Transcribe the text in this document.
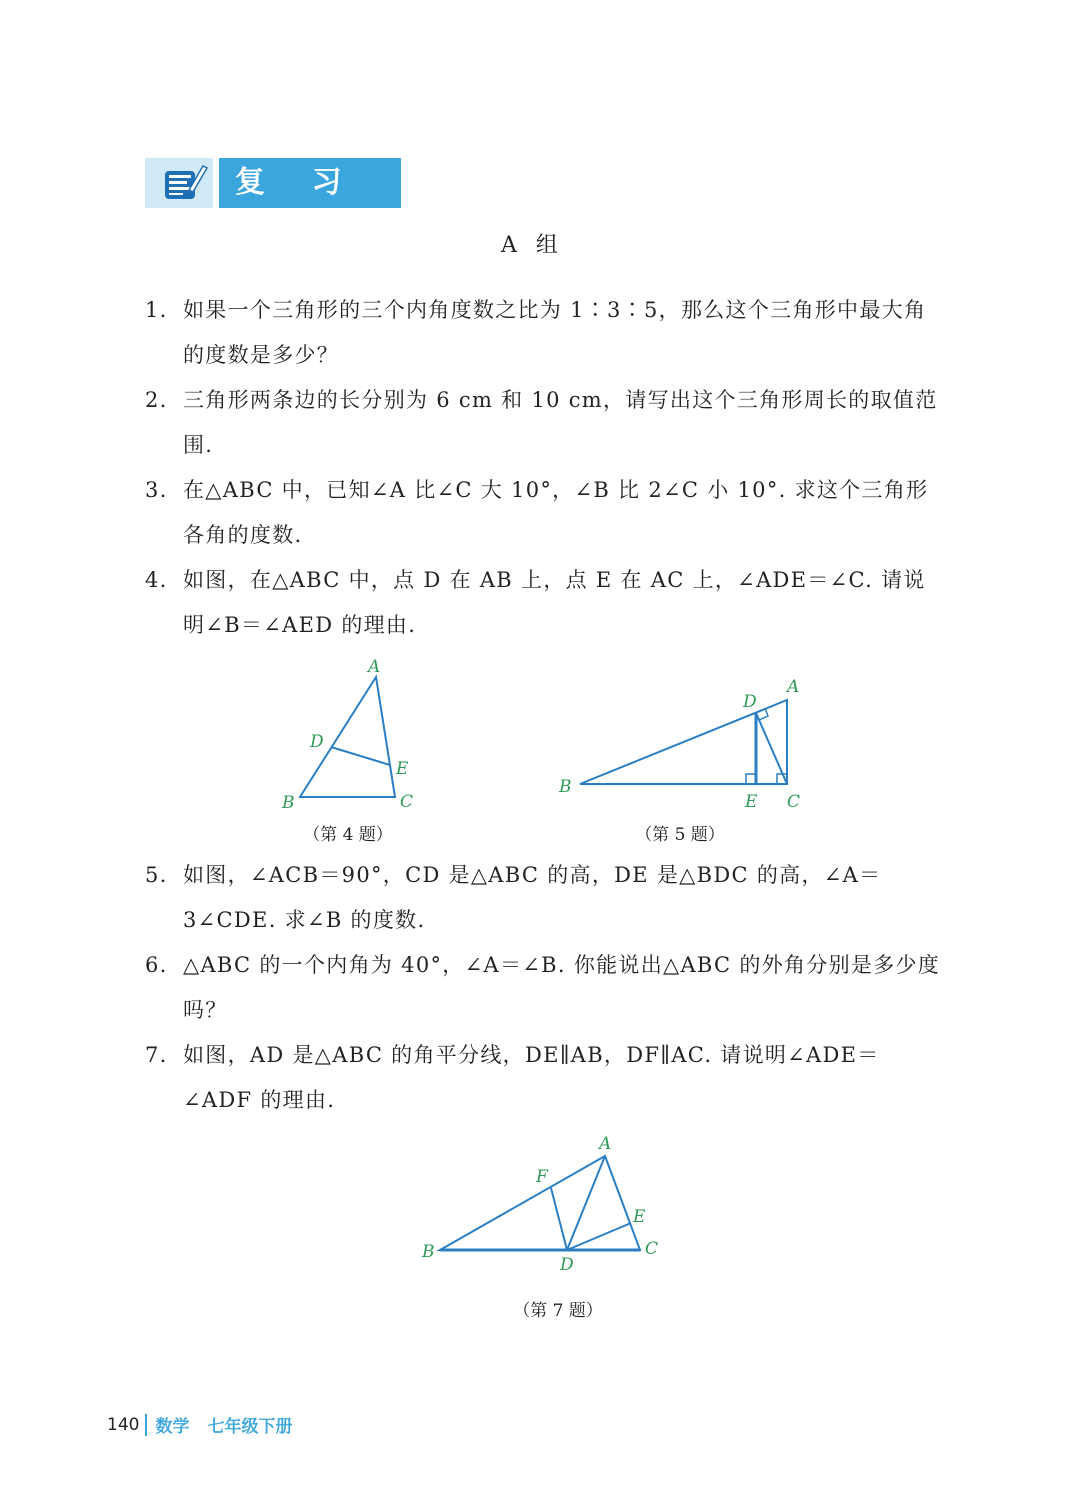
复 习 题	A 组
1. 如果一个三角形的三个内角度数之比为 1∶3∶5，那么这个三角形中最大角的度数是多少？
2. 三角形两条边的长分别为 6 cm 和 10 cm，请写出这个三角形周长的取值范围.
3. 在△ABC 中，已知∠A 比∠C 大 10°，∠B 比 2∠C 小 10°. 求这个三角形各角的度数.
4. 如图，在△ABC 中，点 D 在 AB 上，点 E 在 AC 上，∠ADE＝∠C. 请说明∠B＝∠AED 的理由.
A
B	C
D
E
（第 4 题）
A
B
C
D
E
（第 5 题）
5. 如图，∠ACB＝90°，CD 是△ABC 的高，DE 是△BDC 的高，∠A＝3∠CDE. 求∠B 的度数.
6. △ABC 的一个内角为 40°，∠A＝∠B. 你能说出△ABC 的外角分别是多少度吗？
7. 如图，AD 是△ABC 的角平分线，DE∥AB，DF∥AC. 请说明∠ADE＝∠ADF 的理由.
A
B	C
D
E
F
（第 7 题）
140 数学 七年级下册
